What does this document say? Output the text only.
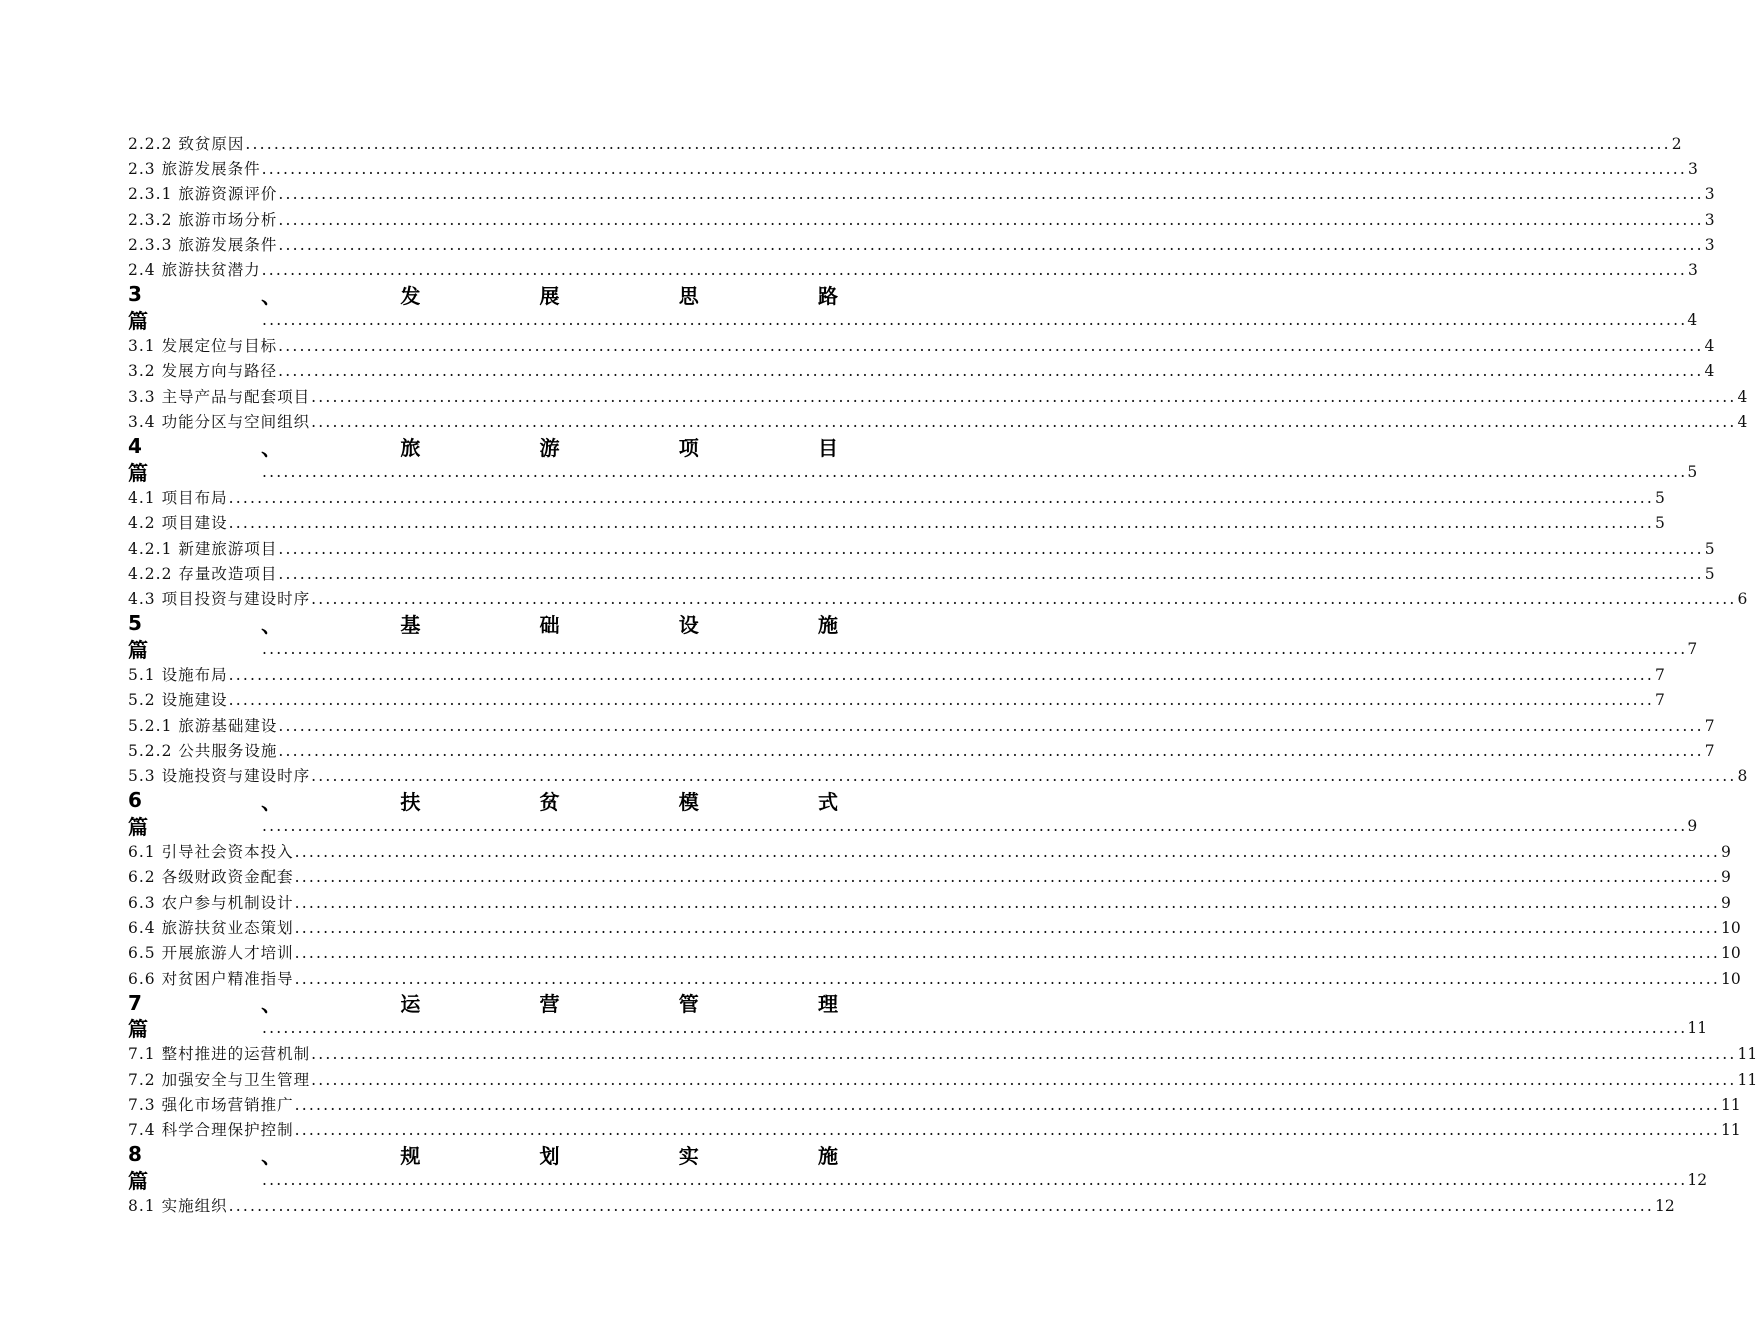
2.2.2 致贫原因 ........................................................................................................................................................................................................ 2
2.3 旅游发展条件 ........................................................................................................................................................................................................ 3
2.3.1 旅游资源评价 ........................................................................................................................................................................................................ 3
2.3.2 旅游市场分析 ........................................................................................................................................................................................................ 3
2.3.3 旅游发展条件 ........................................................................................................................................................................................................ 3
2.4 旅游扶贫潜力 ........................................................................................................................................................................................................ 3
3	、	发	展	思	路
篇	........................................................................................................................................................................................................ 4
3.1 发展定位与目标 ........................................................................................................................................................................................................ 4
3.2 发展方向与路径 ........................................................................................................................................................................................................ 4
3.3 主导产品与配套项目 ........................................................................................................................................................................................................ 4
3.4 功能分区与空间组织 ........................................................................................................................................................................................................ 4
4	、	旅	游	项	目
篇	........................................................................................................................................................................................................ 5
4.1 项目布局 ........................................................................................................................................................................................................ 5
4.2 项目建设 ........................................................................................................................................................................................................ 5
4.2.1 新建旅游项目 ........................................................................................................................................................................................................ 5
4.2.2 存量改造项目 ........................................................................................................................................................................................................ 5
4.3 项目投资与建设时序 ........................................................................................................................................................................................................ 6
5	、	基	础	设	施
篇	........................................................................................................................................................................................................ 7
5.1 设施布局 ........................................................................................................................................................................................................ 7
5.2 设施建设 ........................................................................................................................................................................................................ 7
5.2.1 旅游基础建设 ........................................................................................................................................................................................................ 7
5.2.2 公共服务设施 ........................................................................................................................................................................................................ 7
5.3 设施投资与建设时序 ........................................................................................................................................................................................................ 8
6	、	扶	贫	模	式
篇	........................................................................................................................................................................................................ 9
6.1 引导社会资本投入 ........................................................................................................................................................................................................ 9
6.2 各级财政资金配套 ........................................................................................................................................................................................................ 9
6.3 农户参与机制设计 ........................................................................................................................................................................................................ 9
6.4 旅游扶贫业态策划 ........................................................................................................................................................................................................ 10
6.5 开展旅游人才培训 ........................................................................................................................................................................................................ 10
6.6 对贫困户精准指导 ........................................................................................................................................................................................................ 10
7	、	运	营	管	理
篇	........................................................................................................................................................................................................ 11
7.1 整村推进的运营机制 ........................................................................................................................................................................................................ 11
7.2 加强安全与卫生管理 ........................................................................................................................................................................................................ 11
7.3 强化市场营销推广 ........................................................................................................................................................................................................ 11
7.4 科学合理保护控制 ........................................................................................................................................................................................................ 11
8	、	规	划	实	施
篇	........................................................................................................................................................................................................ 12
8.1 实施组织 ........................................................................................................................................................................................................ 12
